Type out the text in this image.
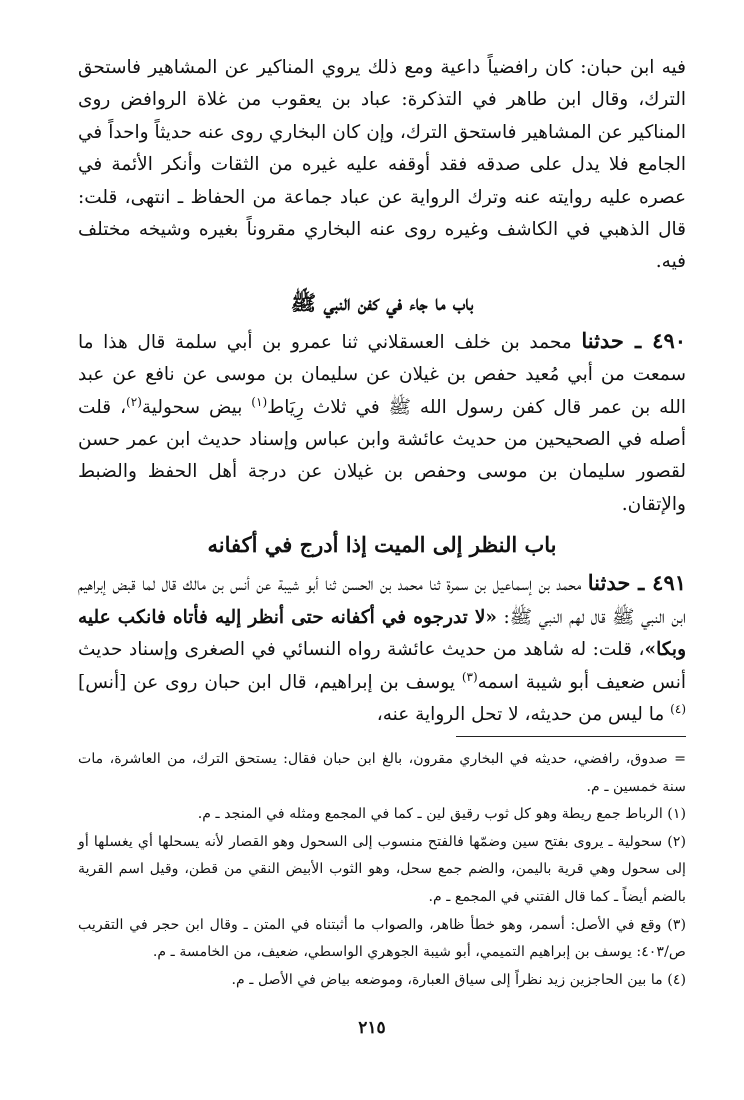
فيه ابن حبان: كان رافضياً داعية ومع ذلك يروي المناكير عن المشاهير فاستحق الترك، وقال ابن طاهر في التذكرة: عباد بن يعقوب من غلاة الروافض روى المناكير عن المشاهير فاستحق الترك، وإن كان البخاري روى عنه حديثاً واحداً في الجامع فلا يدل على صدقه فقد أوقفه عليه غيره من الثقات وأنكر الأئمة في عصره عليه روايته عنه وترك الرواية عن عباد جماعة من الحفاظ ـ انتهى، قلت: قال الذهبي في الكاشف وغيره روى عنه البخاري مقروناً بغيره وشيخه مختلف فيه.

باب ما جاء في كفن النبي ﷺ

٤٩٠ ـ حدثنا محمد بن خلف العسقلاني ثنا عمرو بن أبي سلمة قال هذا ما سمعت من أبي مُعيد حفص بن غيلان عن سليمان بن موسى عن نافع عن عبد الله بن عمر قال كفن رسول الله ﷺ في ثلاث رِيَاط$^{(١)}$ بيض سحولية$^{(٢)}$، قلت أصله في الصحيحين من حديث عائشة وابن عباس وإسناد حديث ابن عمر حسن لقصور سليمان بن موسى وحفص بن غيلان عن درجة أهل الحفظ والضبط والإتقان.

باب النظر إلى الميت إذا أدرج في أكفانه

٤٩١ ـ حدثنا محمد بن إسماعيل بن سمرة ثنا محمد بن الحسن ثنا أبو شيبة عن أنس بن مالك قال لما قبض إبراهيم ابن النبي ﷺ قال لهم النبي ﷺ: «لا تدرجوه في أكفانه حتى أنظر إليه فأتاه فانكب عليه وبكا»، قلت: له شاهد من حديث عائشة رواه النسائي في الصغرى وإسناد حديث أنس ضعيف أبو شيبة اسمه$^{(٣)}$ يوسف بن إبراهيم، قال ابن حبان روى عن [أنس]$^{(٤)}$ ما ليس من حديثه، لا تحل الرواية عنه،

= صدوق، رافضي، حديثه في البخاري مقرون، بالغ ابن حبان فقال: يستحق الترك، من العاشرة، مات سنة خمسين ـ م.

(١) الرباط جمع ريطة وهو كل ثوب رقيق لين ـ كما في المجمع ومثله في المنجد ـ م.

(٢) سحولية ـ يروى بفتح سين وضمّها فالفتح منسوب إلى السحول وهو القصار لأنه يسحلها أي يغسلها أو إلى سحول وهي قرية باليمن، والضم جمع سحل، وهو الثوب الأبيض النقي من قطن، وقيل اسم القرية بالضم أيضاً ـ كما قال الفتني في المجمع ـ م.

(٣) وقع في الأصل: أسمر، وهو خطأ ظاهر، والصواب ما أثبتناه في المتن ـ وقال ابن حجر في التقريب ص/٤٠٣: يوسف بن إبراهيم التميمي، أبو شيبة الجوهري الواسطي، ضعيف، من الخامسة ـ م.

(٤) ما بين الحاجزين زيد نظراً إلى سياق العبارة، وموضعه بياض في الأصل ـ م.

٢١٥
